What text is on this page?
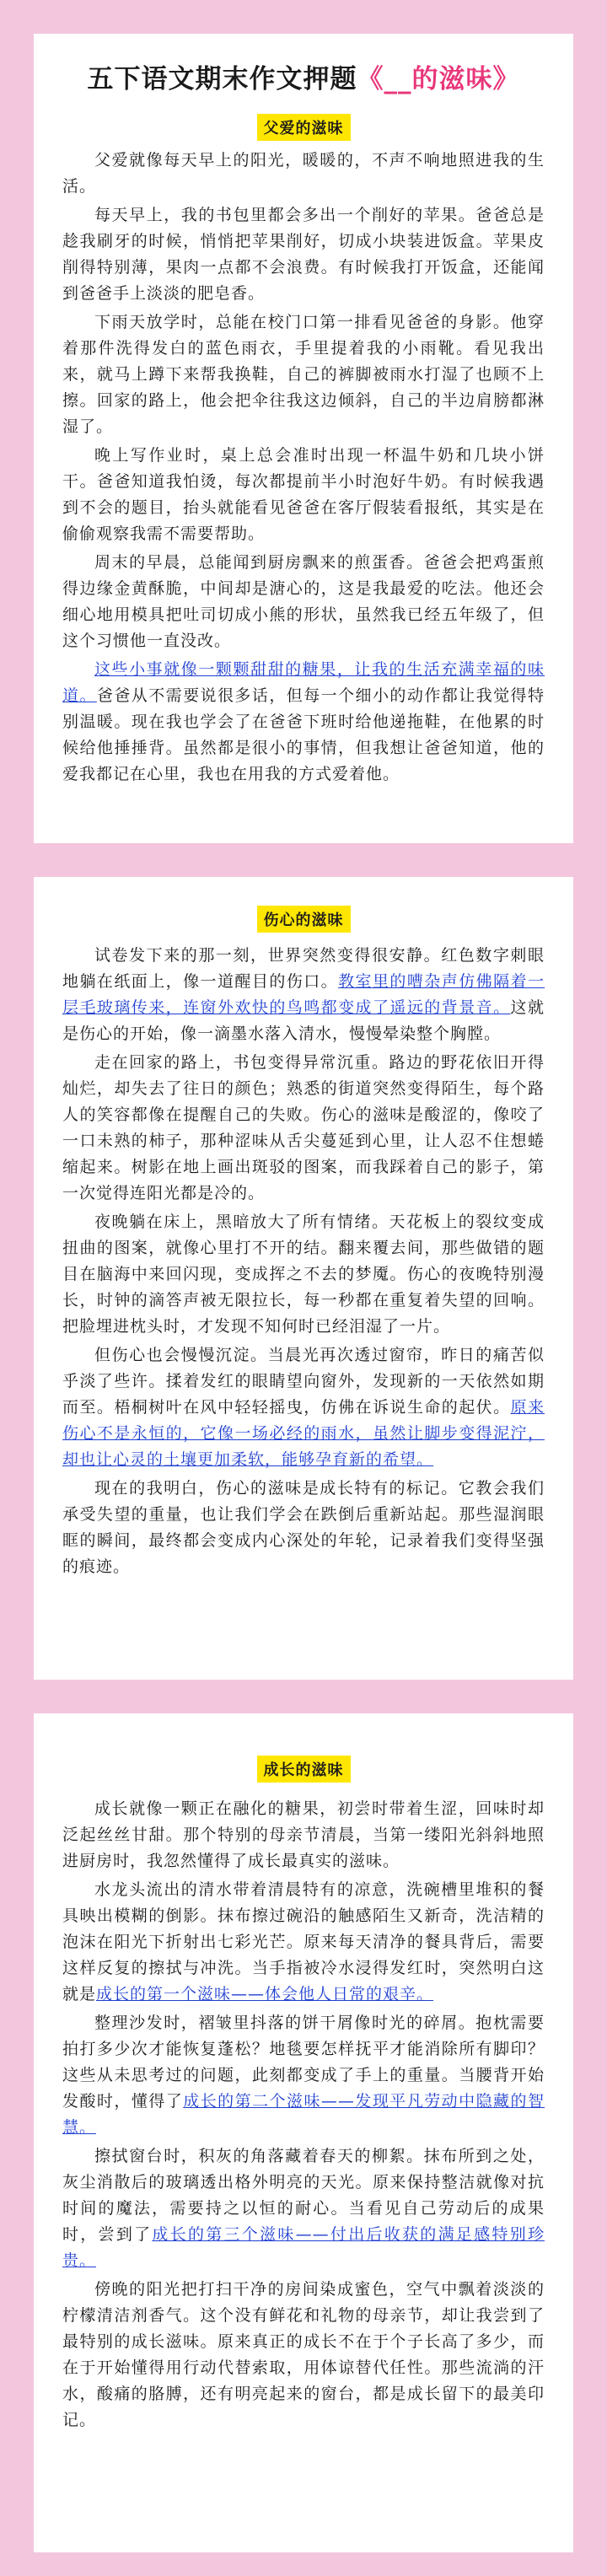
五下语文期末作文押题《__的滋味》
父爱的滋味

父爱就像每天早上的阳光，暖暖的，不声不响地照进我的生活。

每天早上，我的书包里都会多出一个削好的苹果。爸爸总是趁我刷牙的时候，悄悄把苹果削好，切成小块装进饭盒。苹果皮削得特别薄，果肉一点都不会浪费。有时候我打开饭盒，还能闻到爸爸手上淡淡的肥皂香。

下雨天放学时，总能在校门口第一排看见爸爸的身影。他穿着那件洗得发白的蓝色雨衣，手里提着我的小雨靴。看见我出来，就马上蹲下来帮我换鞋，自己的裤脚被雨水打湿了也顾不上擦。回家的路上，他会把伞往我这边倾斜，自己的半边肩膀都淋湿了。

晚上写作业时，桌上总会准时出现一杯温牛奶和几块小饼干。爸爸知道我怕烫，每次都提前半小时泡好牛奶。有时候我遇到不会的题目，抬头就能看见爸爸在客厅假装看报纸，其实是在偷偷观察我需不需要帮助。

周末的早晨，总能闻到厨房飘来的煎蛋香。爸爸会把鸡蛋煎得边缘金黄酥脆，中间却是溏心的，这是我最爱的吃法。他还会细心地用模具把吐司切成小熊的形状，虽然我已经五年级了，但这个习惯他一直没改。

这些小事就像一颗颗甜甜的糖果，让我的生活充满幸福的味道。爸爸从不需要说很多话，但每一个细小的动作都让我觉得特别温暖。现在我也学会了在爸爸下班时给他递拖鞋，在他累的时候给他捶捶背。虽然都是很小的事情，但我想让爸爸知道，他的爱我都记在心里，我也在用我的方式爱着他。

伤心的滋味

试卷发下来的那一刻，世界突然变得很安静。红色数字刺眼地躺在纸面上，像一道醒目的伤口。教室里的嘈杂声仿佛隔着一层毛玻璃传来，连窗外欢快的鸟鸣都变成了遥远的背景音。这就是伤心的开始，像一滴墨水落入清水，慢慢晕染整个胸膛。

走在回家的路上，书包变得异常沉重。路边的野花依旧开得灿烂，却失去了往日的颜色；熟悉的街道突然变得陌生，每个路人的笑容都像在提醒自己的失败。伤心的滋味是酸涩的，像咬了一口未熟的柿子，那种涩味从舌尖蔓延到心里，让人忍不住想蜷缩起来。树影在地上画出斑驳的图案，而我踩着自己的影子，第一次觉得连阳光都是冷的。

夜晚躺在床上，黑暗放大了所有情绪。天花板上的裂纹变成扭曲的图案，就像心里打不开的结。翻来覆去间，那些做错的题目在脑海中来回闪现，变成挥之不去的梦魇。伤心的夜晚特别漫长，时钟的滴答声被无限拉长，每一秒都在重复着失望的回响。把脸埋进枕头时，才发现不知何时已经泪湿了一片。

但伤心也会慢慢沉淀。当晨光再次透过窗帘，昨日的痛苦似乎淡了些许。揉着发红的眼睛望向窗外，发现新的一天依然如期而至。梧桐树叶在风中轻轻摇曳，仿佛在诉说生命的起伏。原来伤心不是永恒的，它像一场必经的雨水，虽然让脚步变得泥泞，却也让心灵的土壤更加柔软，能够孕育新的希望。

现在的我明白，伤心的滋味是成长特有的标记。它教会我们承受失望的重量，也让我们学会在跌倒后重新站起。那些湿润眼眶的瞬间，最终都会变成内心深处的年轮，记录着我们变得坚强的痕迹。

成长的滋味

成长就像一颗正在融化的糖果，初尝时带着生涩，回味时却泛起丝丝甘甜。那个特别的母亲节清晨，当第一缕阳光斜斜地照进厨房时，我忽然懂得了成长最真实的滋味。

水龙头流出的清水带着清晨特有的凉意，洗碗槽里堆积的餐具映出模糊的倒影。抹布擦过碗沿的触感陌生又新奇，洗洁精的泡沫在阳光下折射出七彩光芒。原来每天清净的餐具背后，需要这样反复的擦拭与冲洗。当手指被冷水浸得发红时，突然明白这就是成长的第一个滋味——体会他人日常的艰辛。

整理沙发时，褶皱里抖落的饼干屑像时光的碎屑。抱枕需要拍打多少次才能恢复蓬松？地毯要怎样抚平才能消除所有脚印？这些从未思考过的问题，此刻都变成了手上的重量。当腰背开始发酸时，懂得了成长的第二个滋味——发现平凡劳动中隐藏的智慧。

擦拭窗台时，积灰的角落藏着春天的柳絮。抹布所到之处，灰尘消散后的玻璃透出格外明亮的天光。原来保持整洁就像对抗时间的魔法，需要持之以恒的耐心。当看见自己劳动后的成果时，尝到了成长的第三个滋味——付出后收获的满足感特别珍贵。

傍晚的阳光把打扫干净的房间染成蜜色，空气中飘着淡淡的柠檬清洁剂香气。这个没有鲜花和礼物的母亲节，却让我尝到了最特别的成长滋味。原来真正的成长不在于个子长高了多少，而在于开始懂得用行动代替索取，用体谅替代任性。那些流淌的汗水，酸痛的胳膊，还有明亮起来的窗台，都是成长留下的最美印记。
